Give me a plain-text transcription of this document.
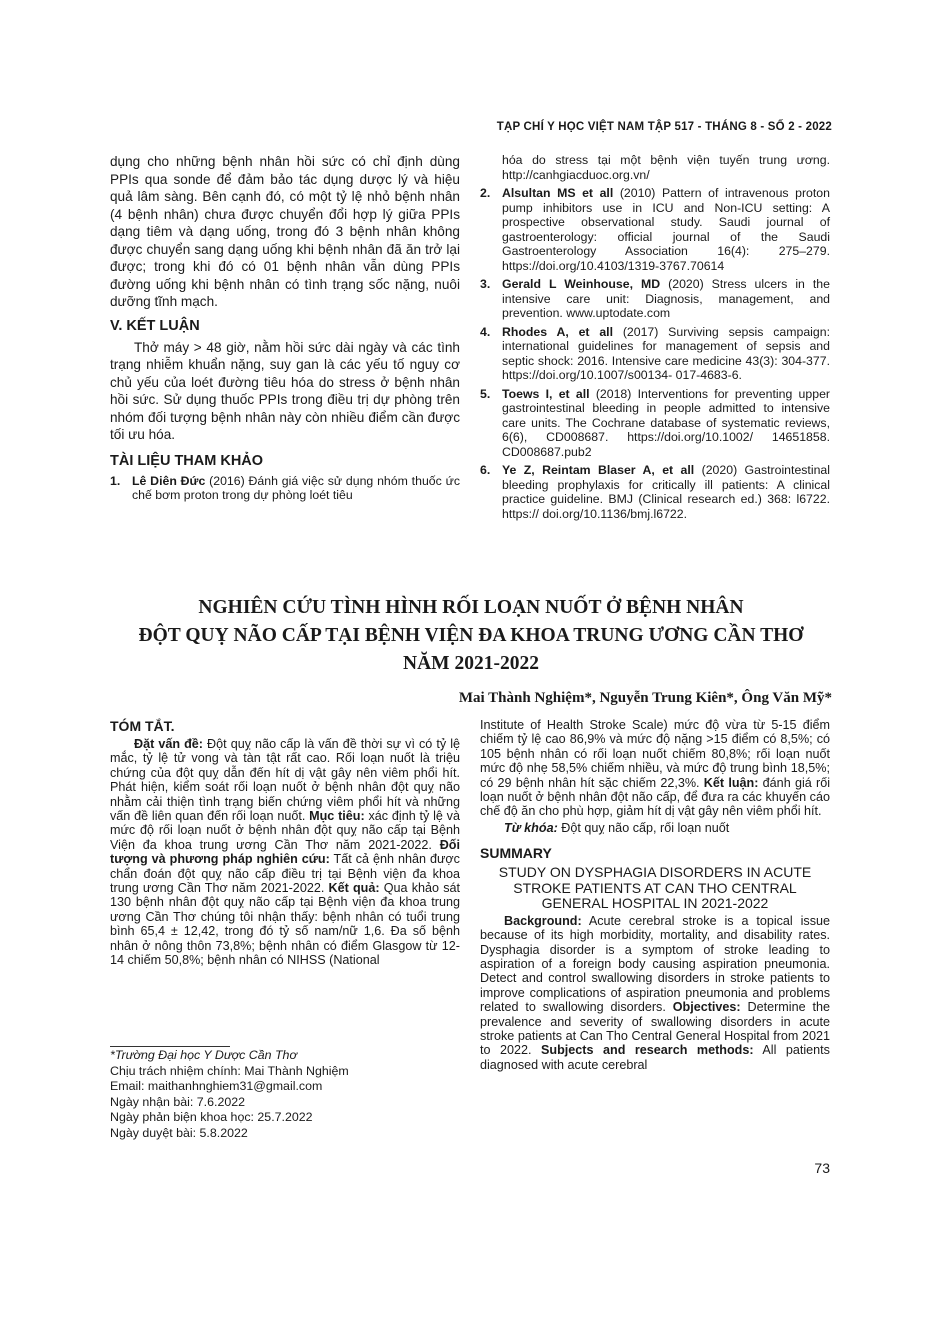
TẠP CHÍ Y HỌC VIỆT NAM TẬP 517 - THÁNG 8 - SỐ 2 - 2022

dụng cho những bệnh nhân hồi sức có chỉ định dùng PPIs qua sonde để đảm bảo tác dụng dược lý và hiệu quả lâm sàng. Bên cạnh đó, có một tỷ lệ nhỏ bệnh nhân (4 bệnh nhân) chưa được chuyển đổi hợp lý giữa PPIs dạng tiêm và dạng uống, trong đó 3 bệnh nhân không được chuyển sang dạng uống khi bệnh nhân đã ăn trở lại được; trong khi đó có 01 bệnh nhân vẫn dùng PPIs đường uống khi bệnh nhân có tình trạng sốc nặng, nuôi dưỡng tĩnh mạch.

V. KẾT LUẬN

Thở máy > 48 giờ, nằm hồi sức dài ngày và các tình trạng nhiễm khuẩn nặng, suy gan là các yếu tố nguy cơ chủ yếu của loét đường tiêu hóa do stress ở bệnh nhân hồi sức. Sử dụng thuốc PPIs trong điều trị dự phòng trên nhóm đối tượng bệnh nhân này còn nhiều điểm cần được tối ưu hóa.

TÀI LIỆU THAM KHẢO
1. Lê Diên Đức (2016) Đánh giá việc sử dụng nhóm thuốc ức chế bơm proton trong dự phòng loét tiêu
hóa do stress tại một bệnh viện tuyến trung ương. http://canhgiacduoc.org.vn/
2. Alsultan MS et all (2010) Pattern of intravenous proton pump inhibitors use in ICU and Non-ICU setting: A prospective observational study. Saudi journal of gastroenterology: official journal of the Saudi Gastroenterology Association 16(4): 275–279. https://doi.org/10.4103/1319-3767.70614
3. Gerald L Weinhouse, MD (2020) Stress ulcers in the intensive care unit: Diagnosis, management, and prevention. www.uptodate.com
4. Rhodes A, et all (2017) Surviving sepsis campaign: international guidelines for management of sepsis and septic shock: 2016. Intensive care medicine 43(3): 304-377. https://doi.org/10.1007/s00134- 017-4683-6.
5. Toews I, et all (2018) Interventions for preventing upper gastrointestinal bleeding in people admitted to intensive care units. The Cochrane database of systematic reviews, 6(6), CD008687. https://doi.org/10.1002/ 14651858. CD008687.pub2
6. Ye Z, Reintam Blaser A, et all (2020) Gastrointestinal bleeding prophylaxis for critically ill patients: A clinical practice guideline. BMJ (Clinical research ed.) 368: l6722. https:// doi.org/10.1136/bmj.l6722.
NGHIÊN CỨU TÌNH HÌNH RỐI LOẠN NUỐT Ở BỆNH NHÂN
ĐỘT QUỴ NÃO CẤP TẠI BỆNH VIỆN ĐA KHOA TRUNG ƯƠNG CẦN THƠ
NĂM 2021-2022
Mai Thành Nghiệm*, Nguyễn Trung Kiên*, Ông Văn Mỹ*
TÓM TẮT.

Đặt vấn đề: Đột quỵ não cấp là vấn đề thời sự vì có tỷ lệ mắc, tỷ lệ tử vong và tàn tật rất cao. Rối loạn nuốt là triệu chứng của đột quỵ dẫn đến hít dị vật gây nên viêm phổi hít. Phát hiện, kiểm soát rối loạn nuốt ở bệnh nhân đột quỵ não nhằm cải thiện tình trạng biến chứng viêm phổi hít và những vấn đề liên quan đến rối loạn nuốt. Mục tiêu: xác định tỷ lệ và mức độ rối loạn nuốt ở bệnh nhân đột quỵ não cấp tại Bệnh Viện đa khoa trung ương Cần Thơ năm 2021-2022. Đối tượng và phương pháp nghiên cứu: Tất cả ệnh nhân được chẩn đoán đột quỵ não cấp điều trị tại Bệnh viện đa khoa trung ương Cần Thơ năm 2021-2022. Kết quả: Qua khảo sát 130 bệnh nhân đột quỵ não cấp tại Bệnh viện đa khoa trung ương Cần Thơ chúng tôi nhận thấy: bệnh nhân có tuổi trung bình 65,4 ± 12,42, trong đó tỷ số nam/nữ 1,6. Đa số bệnh nhân ở nông thôn 73,8%; bệnh nhân có điểm Glasgow từ 12-14 chiếm 50,8%; bệnh nhân có NIHSS (National

Institute of Health Stroke Scale) mức độ vừa từ 5-15 điểm chiếm tỷ lệ cao 86,9% và mức độ nặng >15 điểm có 8,5%; có 105 bệnh nhân có rối loạn nuốt chiếm 80,8%; rối loạn nuốt mức độ nhẹ 58,5% chiếm nhiều, và mức độ trung bình 18,5%; có 29 bệnh nhân hít sặc chiếm 22,3%. Kết luận: đánh giá rối loạn nuốt ở bệnh nhân đột não cấp, để đưa ra các khuyến cáo chế độ ăn cho phù hợp, giảm hít dị vật gây nên viêm phổi hít.

Từ khóa: Đột quỵ não cấp, rối loạn nuốt

SUMMARY
STUDY ON DYSPHAGIA DISORDERS IN ACUTE STROKE PATIENTS AT CAN THO CENTRAL GENERAL HOSPITAL IN 2021-2022

Background: Acute cerebral stroke is a topical issue because of its high morbidity, mortality, and disability rates. Dysphagia disorder is a symptom of stroke leading to aspiration of a foreign body causing aspiration pneumonia. Detect and control swallowing disorders in stroke patients to improve complications of aspiration pneumonia and problems related to swallowing disorders. Objectives: Determine the prevalence and severity of swallowing disorders in acute stroke patients at Can Tho Central General Hospital from 2021 to 2022. Subjects and research methods: All patients diagnosed with acute cerebral

*Trường Đại học Y Dược Cần Thơ
Chịu trách nhiệm chính: Mai Thành Nghiệm
Email: maithanhnghiem31@gmail.com
Ngày nhận bài: 7.6.2022
Ngày phản biện khoa học: 25.7.2022
Ngày duyệt bài: 5.8.2022
73
